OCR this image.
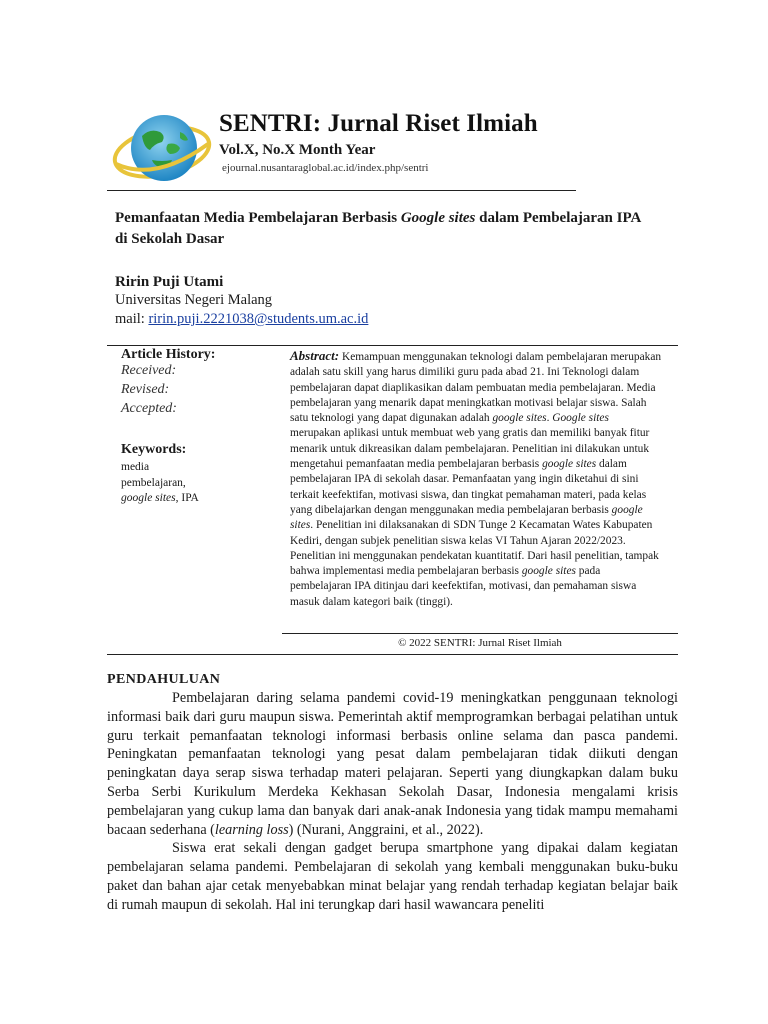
SENTRI: Jurnal Riset Ilmiah
Vol.X, No.X Month Year
ejournal.nusantaraglobal.ac.id/index.php/sentri
Pemanfaatan Media Pembelajaran Berbasis Google sites dalam Pembelajaran IPA di Sekolah Dasar
Ririn Puji Utami
Universitas Negeri Malang
mail: ririn.puji.2221038@students.um.ac.id
Article History:
Received:
Revised:
Accepted:
Keywords:
media
pembelajaran,
google sites, IPA
Abstract: Kemampuan menggunakan teknologi dalam pembelajaran merupakan adalah satu skill yang harus dimiliki guru pada abad 21. Ini Teknologi dalam pembelajaran dapat diaplikasikan dalam pembuatan media pembelajaran. Media pembelajaran yang menarik dapat meningkatkan motivasi belajar siswa. Salah satu teknologi yang dapat digunakan adalah google sites. Google sites merupakan aplikasi untuk membuat web yang gratis dan memiliki banyak fitur menarik untuk dikreasikan dalam pembelajaran. Penelitian ini dilakukan untuk mengetahui pemanfaatan media pembelajaran berbasis google sites dalam pembelajaran IPA di sekolah dasar. Pemanfaatan yang ingin diketahui di sini terkait keefektifan, motivasi siswa, dan tingkat pemahaman materi, pada kelas yang dibelajarkan dengan menggunakan media pembelajaran berbasis google sites. Penelitian ini dilaksanakan di SDN Tunge 2 Kecamatan Wates Kabupaten Kediri, dengan subjek penelitian siswa kelas VI Tahun Ajaran 2022/2023. Penelitian ini menggunakan pendekatan kuantitatif. Dari hasil penelitian, tampak bahwa implementasi media pembelajaran berbasis google sites pada pembelajaran IPA ditinjau dari keefektifan, motivasi, dan pemahaman siswa masuk dalam kategori baik (tinggi).
© 2022 SENTRI: Jurnal Riset Ilmiah
PENDAHULUAN

Pembelajaran daring selama pandemi covid-19 meningkatkan penggunaan teknologi informasi baik dari guru maupun siswa. Pemerintah aktif memprogramkan berbagai pelatihan untuk guru terkait pemanfaatan teknologi informasi berbasis online selama dan pasca pandemi. Peningkatan pemanfaatan teknologi yang pesat dalam pembelajaran tidak diikuti dengan peningkatan daya serap siswa terhadap materi pelajaran. Seperti yang diungkapkan dalam buku Serba Serbi Kurikulum Merdeka Kekhasan Sekolah Dasar, Indonesia mengalami krisis pembelajaran yang cukup lama dan banyak dari anak-anak Indonesia yang tidak mampu memahami bacaan sederhana (learning loss) (Nurani, Anggraini, et al., 2022).

Siswa erat sekali dengan gadget berupa smartphone yang dipakai dalam kegiatan pembelajaran selama pandemi. Pembelajaran di sekolah yang kembali menggunakan buku-buku paket dan bahan ajar cetak menyebabkan minat belajar yang rendah terhadap kegiatan belajar baik di rumah maupun di sekolah. Hal ini terungkap dari hasil wawancara peneliti
